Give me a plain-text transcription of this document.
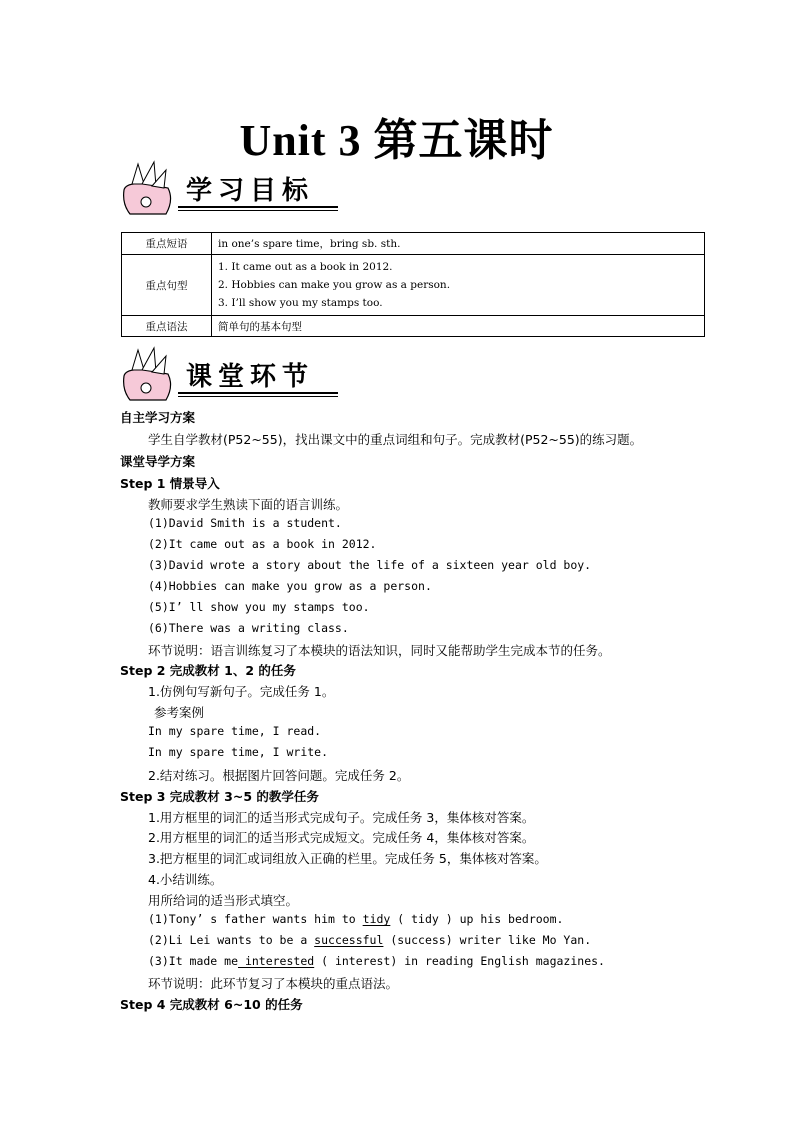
Unit 3 第五课时
学习目标
重点短语	in one’s spare time，bring sb. sth.
重点句型	1. It came out as a book in 2012.
2. Hobbies can make you grow as a person.
3. I’ll show you my stamps too.

重点语法	简单句的基本句型
课堂环节
自主学习方案
学生自学教材(P52~55)，找出课文中的重点词组和句子。完成教材(P52~55)的练习题。
课堂导学方案
Step 1 情景导入
教师要求学生熟读下面的语言训练。
(1)David Smith is a student.
(2)It came out as a book in 2012.
(3)David wrote a story about the life of a sixteen year old boy.
(4)Hobbies can make you grow as a person.
(5)I’ ll show you my stamps too.
(6)There was a writing class.
环节说明：语言训练复习了本模块的语法知识，同时又能帮助学生完成本节的任务。
Step 2 完成教材 1、2 的任务
1.仿例句写新句子。完成任务 1。
参考案例
In my spare time, I read.
In my spare time, I write.
2.结对练习。根据图片回答问题。完成任务 2。
Step 3 完成教材 3~5 的教学任务
1.用方框里的词汇的适当形式完成句子。完成任务 3，集体核对答案。
2.用方框里的词汇的适当形式完成短文。完成任务 4，集体核对答案。
3.把方框里的词汇或词组放入正确的栏里。完成任务 5，集体核对答案。
4.小结训练。
用所给词的适当形式填空。
(1)Tony’ s father wants him to tidy ( tidy ) up his bedroom.
(2)Li Lei wants to be a successful (success) writer like Mo Yan.
(3)It made me interested ( interest) in reading English magazines.
环节说明：此环节复习了本模块的重点语法。
Step 4 完成教材 6~10 的任务
